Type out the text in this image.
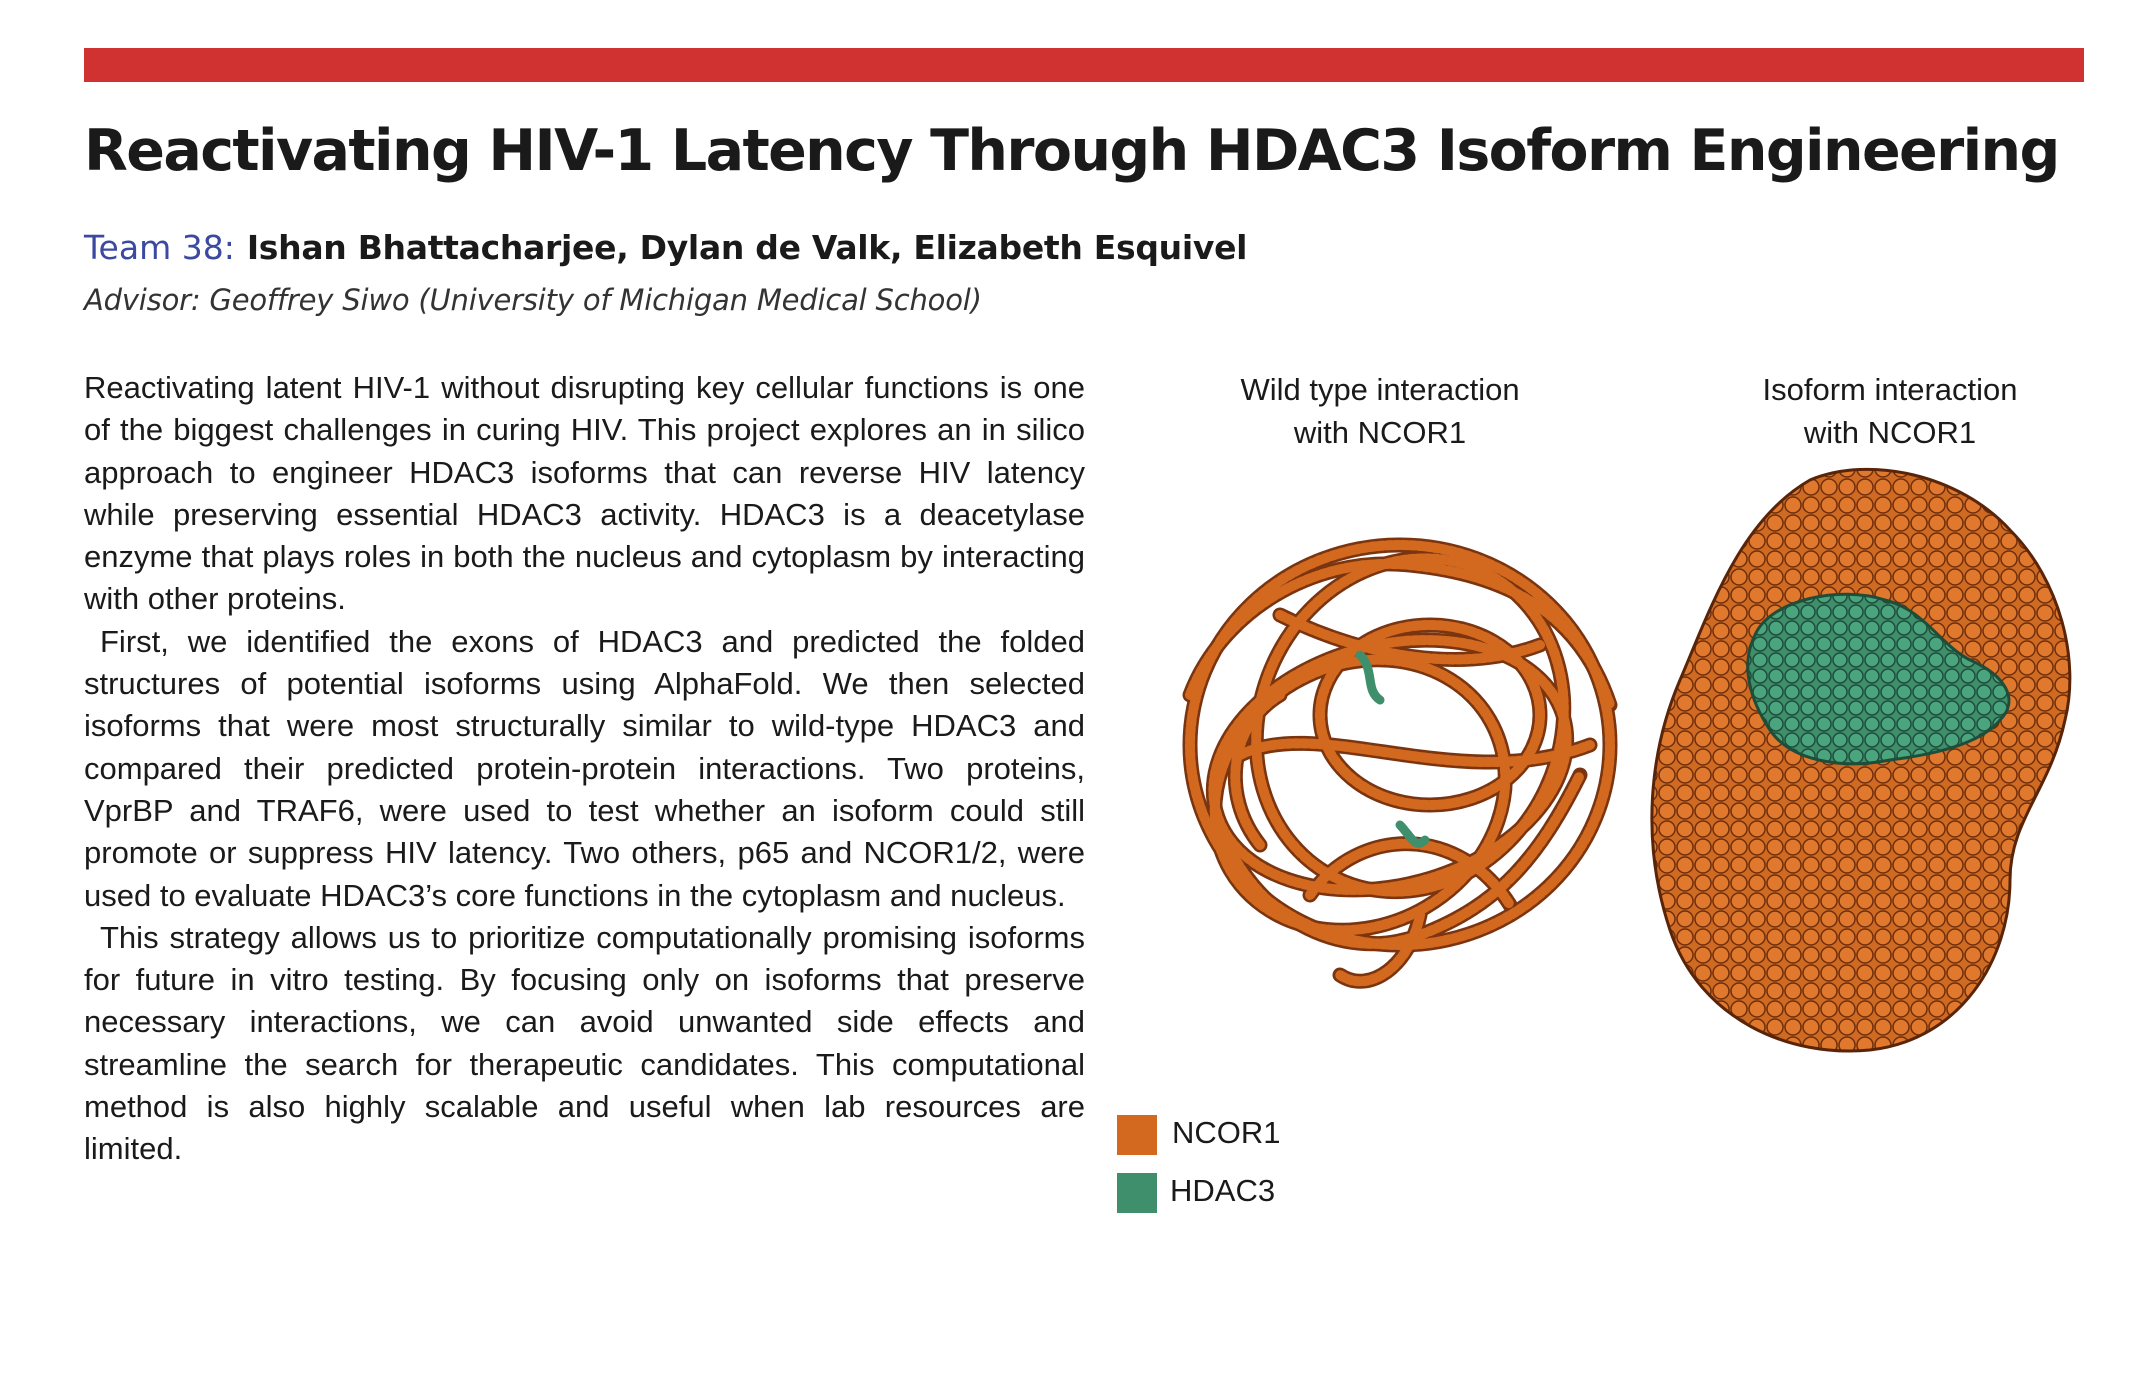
Reactivating HIV-1 Latency Through HDAC3 Isoform Engineering
Team 38: Ishan Bhattacharjee, Dylan de Valk, Elizabeth Esquivel
Advisor: Geoffrey Siwo (University of Michigan Medical School)

Reactivating latent HIV-1 without disrupting key cellular functions is one of the biggest challenges in curing HIV. This project explores an in silico approach to engineer HDAC3 isoforms that can reverse HIV latency while preserving essential HDAC3 activity. HDAC3 is a deacetylase enzyme that plays roles in both the nucleus and cytoplasm by interacting with other proteins.

First, we identified the exons of HDAC3 and predicted the folded structures of potential isoforms using AlphaFold. We then selected isoforms that were most structurally similar to wild-type HDAC3 and compared their predicted protein-protein interactions. Two proteins, VprBP and TRAF6, were used to test whether an isoform could still promote or suppress HIV latency. Two others, p65 and NCOR1/2, were used to evaluate HDAC3’s core functions in the cytoplasm and nucleus.

This strategy allows us to prioritize computationally promising isoforms for future in vitro testing. By focusing only on isoforms that preserve necessary interactions, we can avoid unwanted side effects and streamline the search for therapeutic candidates. This computational method is also highly scalable and useful when lab resources are limited.

Wild type interaction
with NCOR1
Isoform interaction
with NCOR1
NCOR1
HDAC3
